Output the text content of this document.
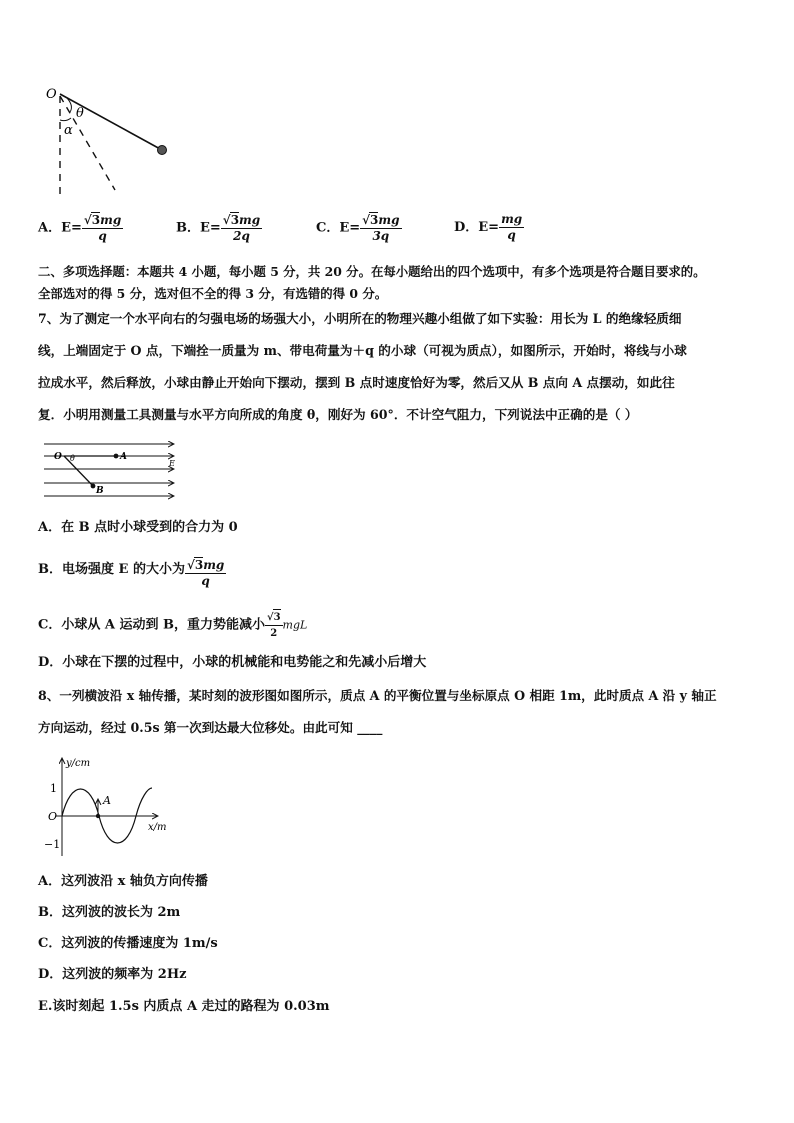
O
θ
α
A．$E= \frac{√3mg}{q}$	B．$E= \frac{√3mg}{2q}$	C．$E= \frac{√3mg}{3q}$	D．$E= \frac{mg}{q}$
二、多项选择题：本题共 4 小题，每小题 5 分，共 20 分。在每小题给出的四个选项中，有多个选项是符合题目要求的。
全部选对的得 5 分，选对但不全的得 3 分，有选错的得 0 分。
7、为了测定一个水平向右的匀强电场的场强大小，小明所在的物理兴趣小组做了如下实验：用长为 L 的绝缘轻质细
线，上端固定于 O 点，下端拴一质量为 m、带电荷量为＋q 的小球（可视为质点），如图所示，开始时，将线与小球
拉成水平，然后释放，小球由静止开始向下摆动，摆到 B 点时速度恰好为零，然后又从 B 点向 A 点摆动，如此往
复．小明用测量工具测量与水平方向所成的角度 θ，刚好为 60°．不计空气阻力，下列说法中正确的是（ ）
O θ	A
E
B
A．在 B 点时小球受到的合力为 0
B．电场强度 E 的大小为 $\frac{√3mg}{q}$
C．小球从 A 运动到 B，重力势能减小 $\frac{√3}{2}$ mgL
D．小球在下摆的过程中，小球的机械能和电势能之和先减小后增大
8、一列横波沿 x 轴传播，某时刻的波形图如图所示，质点 A 的平衡位置与坐标原点 O 相距 1m，此时质点 A 沿 y 轴正
方向运动，经过 0.5s 第一次到达最大位移处。由此可知 ____
y/cm
x/m
1
O
−1
A
A．这列波沿 x 轴负方向传播
B．这列波的波长为 2m
C．这列波的传播速度为 1m/s
D．这列波的频率为 2Hz
E.该时刻起 1.5s 内质点 A 走过的路程为 0.03m
